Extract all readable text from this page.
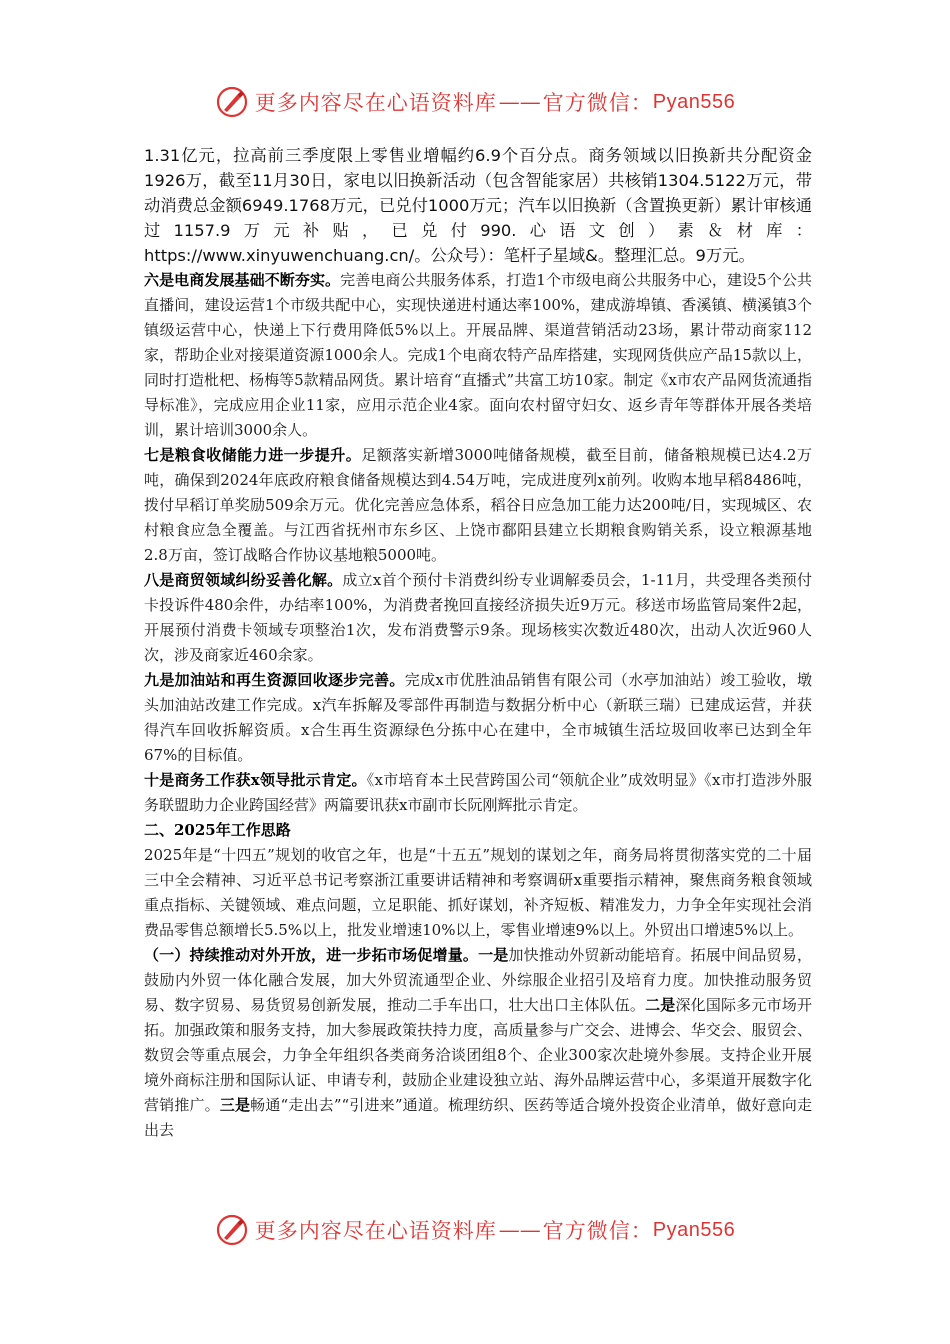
更多内容尽在心语资料库 —— 官方微信： Pyan556

1.31亿元，拉高前三季度限上零售业增幅约6.9个百分点。商务领域以旧换新共分配资金1926万，截至11月30日，家电以旧换新活动（包含智能家居）共核销1304.5122万元，带动消费总金额6949.1768万元，已兑付1000万元；汽车以旧换新（含置换更新）累计审核通过1157.9万元补贴，已兑付990.心语文创）素＆材库：https://www.xinyuwenchuang.cn/。公众号）：笔杆子星域&。整理汇总。9万元。

六是电商发展基础不断夯实。完善电商公共服务体系，打造1个市级电商公共服务中心，建设5个公共直播间，建设运营1个市级共配中心，实现快递进村通达率100%，建成游埠镇、香溪镇、横溪镇3个镇级运营中心，快递上下行费用降低5%以上。开展品牌、渠道营销活动23场，累计带动商家112家，帮助企业对接渠道资源1000余人。完成1个电商农特产品库搭建，实现网货供应产品15款以上，同时打造枇杷、杨梅等5款精品网货。累计培育“直播式”共富工坊10家。制定《x市农产品网货流通指导标准》，完成应用企业11家，应用示范企业4家。面向农村留守妇女、返乡青年等群体开展各类培训，累计培训3000余人。

七是粮食收储能力进一步提升。足额落实新增3000吨储备规模，截至目前，储备粮规模已达4.2万吨，确保到2024年底政府粮食储备规模达到4.54万吨，完成进度列x前列。收购本地早稻8486吨，拨付早稻订单奖励509余万元。优化完善应急体系，稻谷日应急加工能力达200吨/日，实现城区、农村粮食应急全覆盖。与江西省抚州市东乡区、上饶市鄱阳县建立长期粮食购销关系，设立粮源基地2.8万亩，签订战略合作协议基地粮5000吨。

八是商贸领域纠纷妥善化解。成立x首个预付卡消费纠纷专业调解委员会，1-11月，共受理各类预付卡投诉件480余件，办结率100%，为消费者挽回直接经济损失近9万元。移送市场监管局案件2起，开展预付消费卡领域专项整治1次，发布消费警示9条。现场核实次数近480次，出动人次近960人次，涉及商家近460余家。

九是加油站和再生资源回收逐步完善。完成x市优胜油品销售有限公司（水亭加油站）竣工验收，墩头加油站改建工作完成。x汽车拆解及零部件再制造与数据分析中心（新联三瑞）已建成运营，并获得汽车回收拆解资质。x合生再生资源绿色分拣中心在建中，全市城镇生活垃圾回收率已达到全年67%的目标值。

十是商务工作获x领导批示肯定。《x市培育本土民营跨国公司“领航企业”成效明显》《x市打造涉外服务联盟助力企业跨国经营》两篇要讯获x市副市长阮刚辉批示肯定。

二、2025年工作思路

2025年是“十四五”规划的收官之年，也是“十五五”规划的谋划之年，商务局将贯彻落实党的二十届三中全会精神、习近平总书记考察浙江重要讲话精神和考察调研x重要指示精神，聚焦商务粮食领域重点指标、关键领域、难点问题，立足职能、抓好谋划，补齐短板、精准发力，力争全年实现社会消费品零售总额增长5.5%以上，批发业增速10%以上，零售业增速9%以上。外贸出口增速5%以上。

（一）持续推动对外开放，进一步拓市场促增量。一是加快推动外贸新动能培育。拓展中间品贸易，鼓励内外贸一体化融合发展，加大外贸流通型企业、外综服企业招引及培育力度。加快推动服务贸易、数字贸易、易货贸易创新发展，推动二手车出口，壮大出口主体队伍。二是深化国际多元市场开拓。加强政策和服务支持，加大参展政策扶持力度，高质量参与广交会、进博会、华交会、服贸会、数贸会等重点展会，力争全年组织各类商务洽谈团组8个、企业300家次赴境外参展。支持企业开展境外商标注册和国际认证、申请专利，鼓励企业建设独立站、海外品牌运营中心，多渠道开展数字化营销推广。三是畅通“走出去”“引进来”通道。梳理纺织、医药等适合境外投资企业清单，做好意向走出去

更多内容尽在心语资料库 —— 官方微信： Pyan556
